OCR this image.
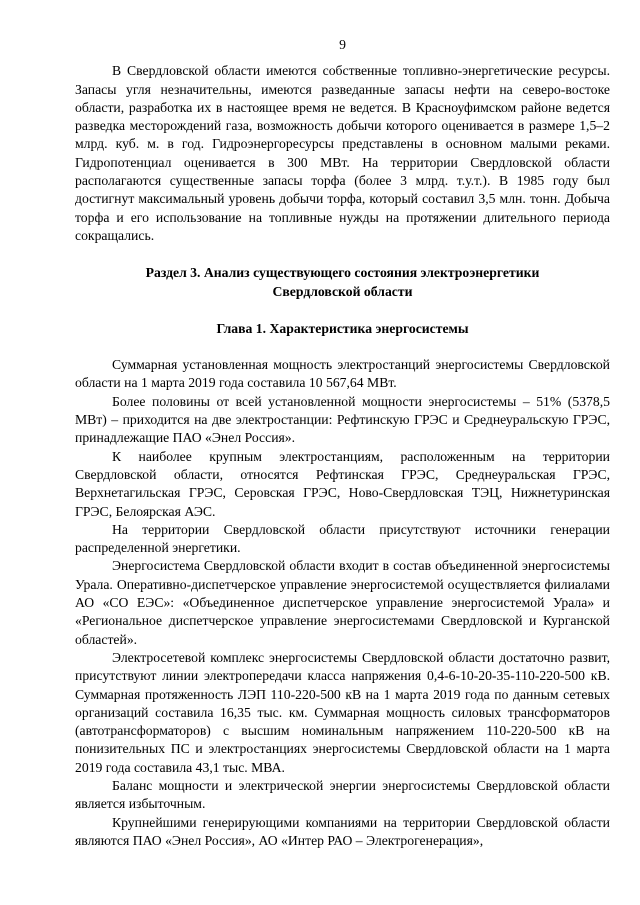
9

В Свердловской области имеются собственные топливно-энергетические ресурсы. Запасы угля незначительны, имеются разведанные запасы нефти на северо-востоке области, разработка их в настоящее время не ведется. В Красноуфимском районе ведется разведка месторождений газа, возможность добычи которого оценивается в размере 1,5–2 млрд. куб. м. в год. Гидроэнергоресурсы представлены в основном малыми реками. Гидропотенциал оценивается в 300 МВт. На территории Свердловской области располагаются существенные запасы торфа (более 3 млрд. т.у.т.). В 1985 году был достигнут максимальный уровень добычи торфа, который составил 3,5 млн. тонн. Добыча торфа и его использование на топливные нужды на протяжении длительного периода сокращались.

Раздел 3. Анализ существующего состояния электроэнергетики
Свердловской области

Глава 1. Характеристика энергосистемы

Суммарная установленная мощность электростанций энергосистемы Свердловской области на 1 марта 2019 года составила 10 567,64 МВт.

Более половины от всей установленной мощности энергосистемы – 51% (5378,5 МВт) – приходится на две электростанции: Рефтинскую ГРЭС и Среднеуральскую ГРЭС, принадлежащие ПАО «Энел Россия».

К наиболее крупным электростанциям, расположенным на территории Свердловской области, относятся Рефтинская ГРЭС, Среднеуральская ГРЭС, Верхнетагильская ГРЭС, Серовская ГРЭС, Ново-Свердловская ТЭЦ, Нижнетуринская ГРЭС, Белоярская АЭС.

На территории Свердловской области присутствуют источники генерации распределенной энергетики.

Энергосистема Свердловской области входит в состав объединенной энергосистемы Урала. Оперативно-диспетчерское управление энергосистемой осуществляется филиалами АО «СО ЕЭС»: «Объединенное диспетчерское управление энергосистемой Урала» и «Региональное диспетчерское управление энергосистемами Свердловской и Курганской областей».

Электросетевой комплекс энергосистемы Свердловской области достаточно развит, присутствуют линии электропередачи класса напряжения 0,4-6-10-20-35-110-220-500 кВ. Суммарная протяженность ЛЭП 110-220-500 кВ на 1 марта 2019 года по данным сетевых организаций составила 16,35 тыс. км. Суммарная мощность силовых трансформаторов (автотрансформаторов) с высшим номинальным напряжением 110-220-500 кВ на понизительных ПС и электростанциях энергосистемы Свердловской области на 1 марта 2019 года составила 43,1 тыс. МВА.

Баланс мощности и электрической энергии энергосистемы Свердловской области является избыточным.

Крупнейшими генерирующими компаниями на территории Свердловской области являются ПАО «Энел Россия», АО «Интер РАО – Электрогенерация»,
